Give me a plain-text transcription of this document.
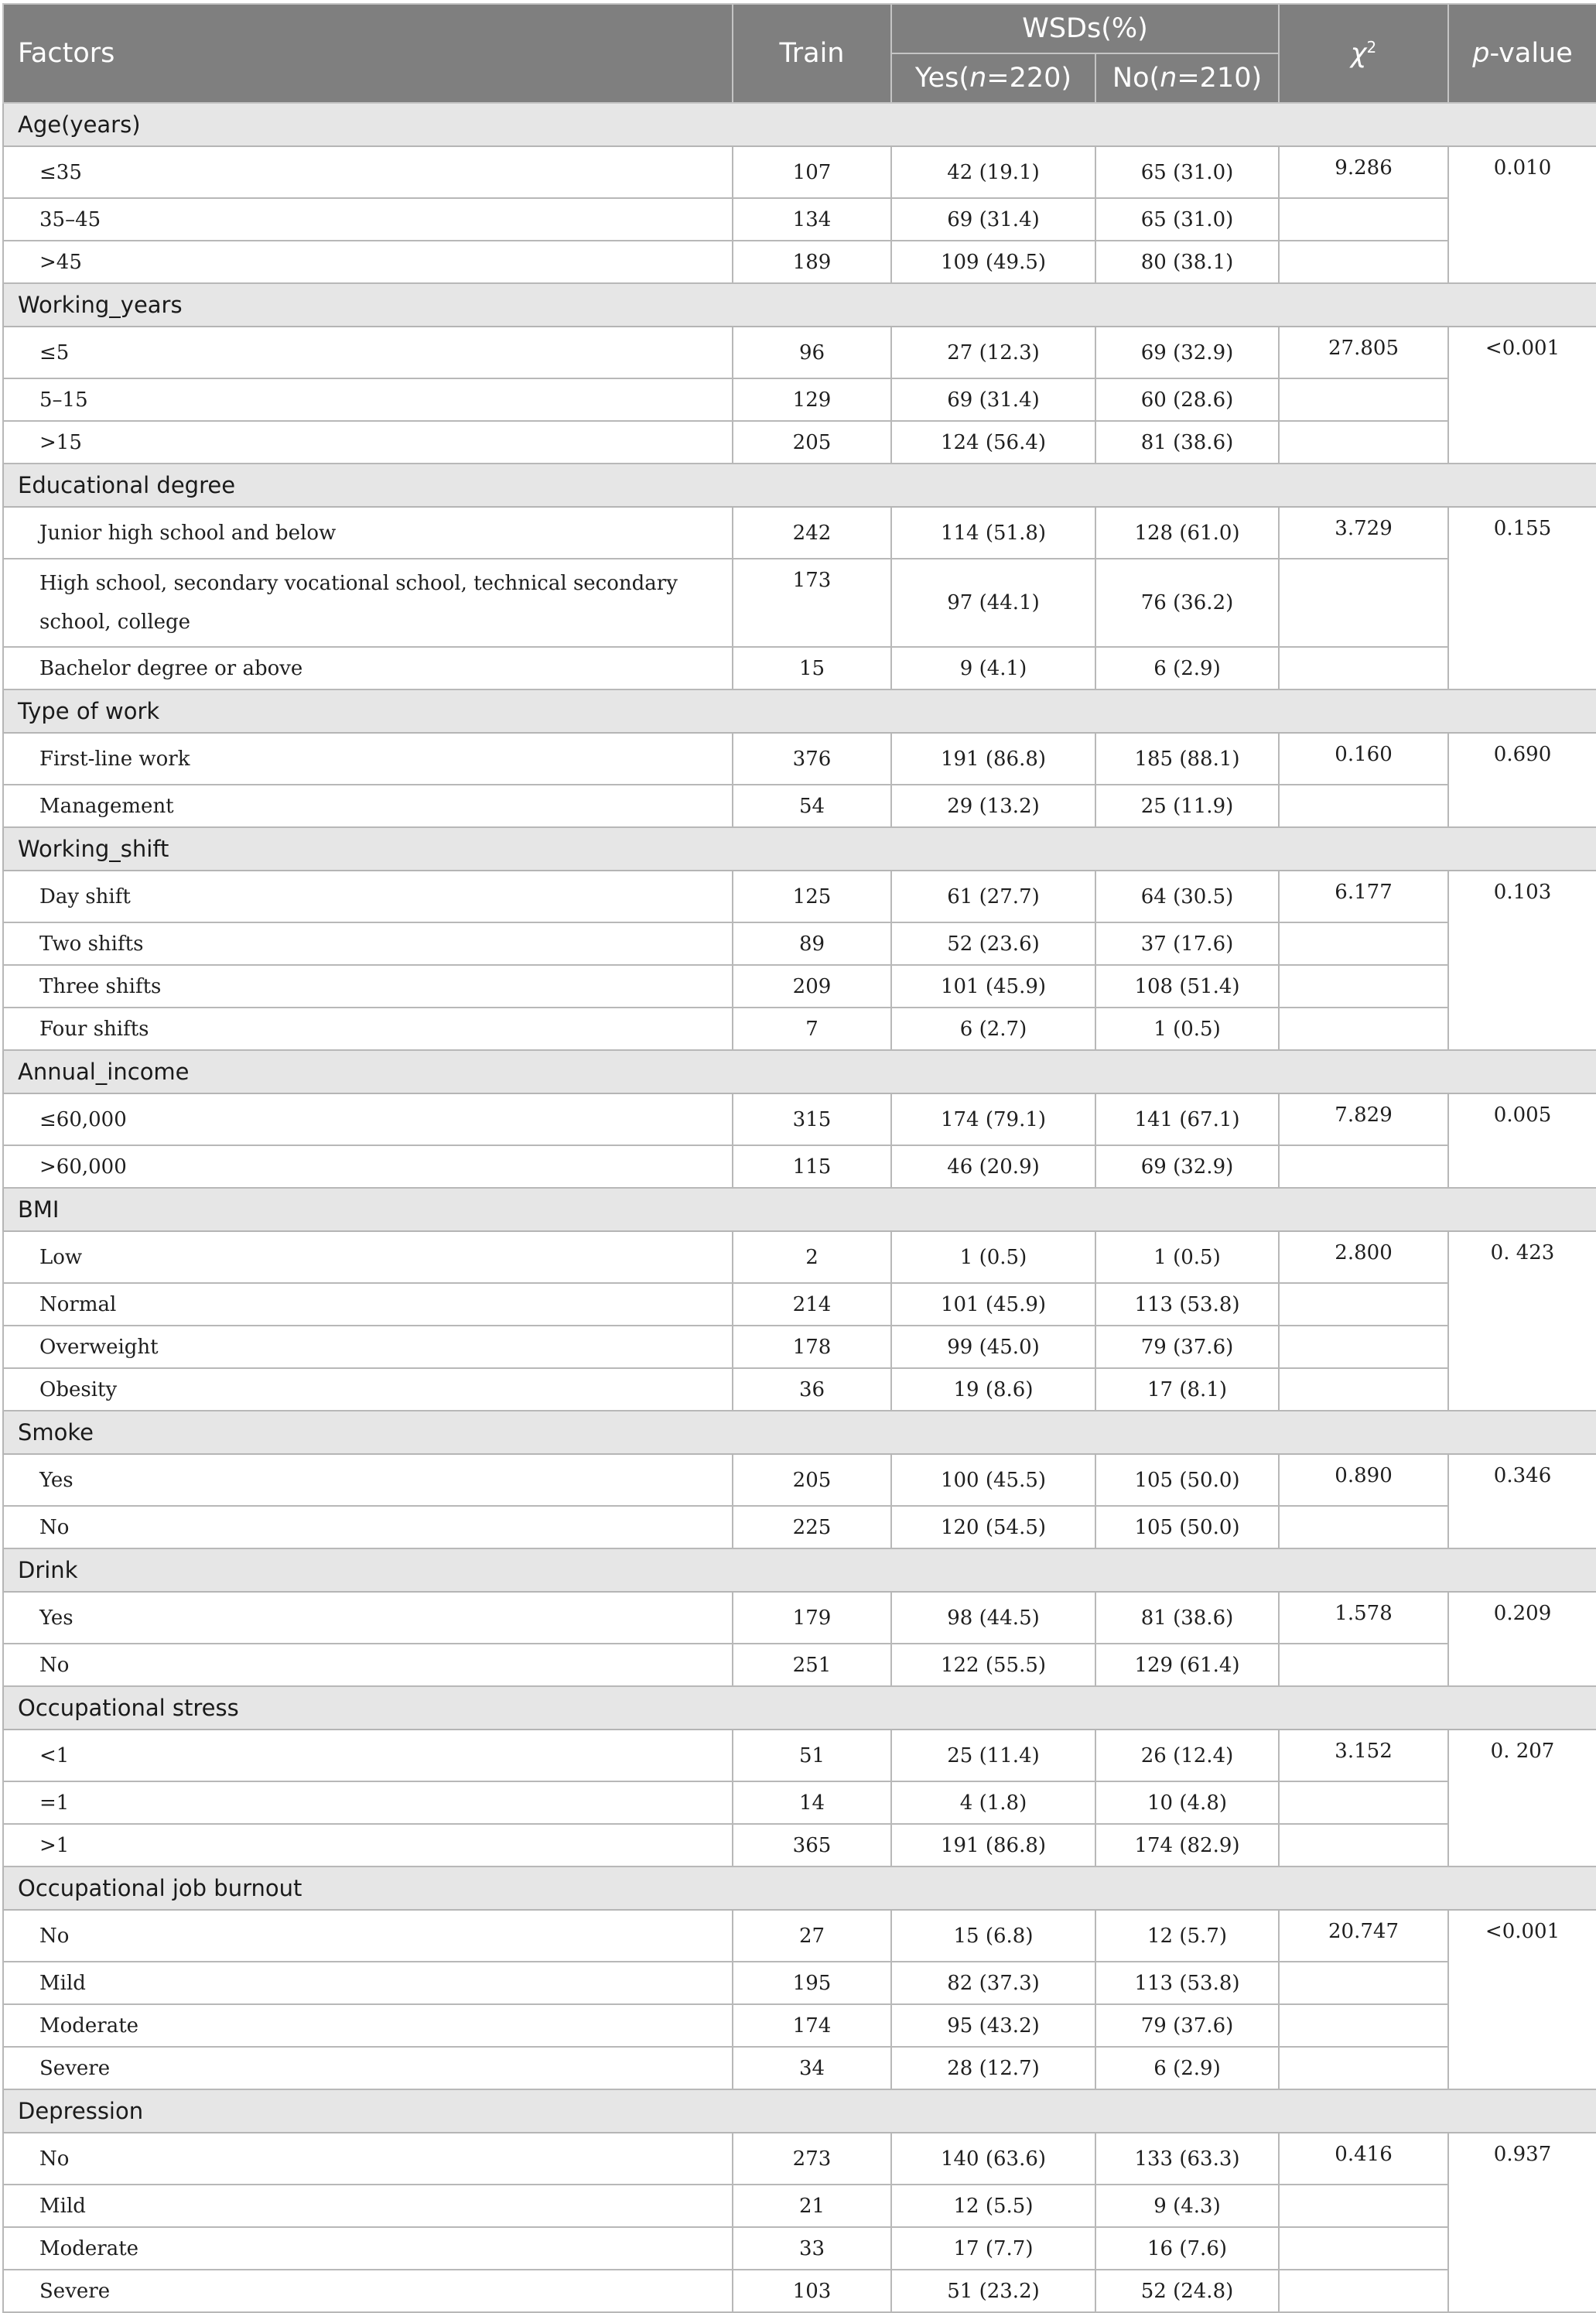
Factors	Train	WSDs(%)		$\chi^2$	p-value
		Yes(n=220)	No(n=210)		
Age(years)					
≤35	107	42 (19.1)	65 (31.0)	9.286	0.010
35–45	134	69 (31.4)	65 (31.0)		
>45	189	109 (49.5)	80 (38.1)		
Working_years					
≤5	96	27 (12.3)	69 (32.9)	27.805	<0.001
5–15	129	69 (31.4)	60 (28.6)		
>15	205	124 (56.4)	81 (38.6)		
Educational degree					
Junior high school and below	242	114 (51.8)	128 (61.0)	3.729	0.155
High school, secondary vocational school, technical secondary school, college	173	97 (44.1)	76 (36.2)		
Bachelor degree or above	15	9 (4.1)	6 (2.9)		
Type of work					
First-line work	376	191 (86.8)	185 (88.1)	0.160	0.690
Management	54	29 (13.2)	25 (11.9)		
Working_shift					
Day shift	125	61 (27.7)	64 (30.5)	6.177	0.103
Two shifts	89	52 (23.6)	37 (17.6)		
Three shifts	209	101 (45.9)	108 (51.4)		
Four shifts	7	6 (2.7)	1 (0.5)		
Annual_income					
≤60,000	315	174 (79.1)	141 (67.1)	7.829	0.005
>60,000	115	46 (20.9)	69 (32.9)		
BMI					
Low	2	1 (0.5)	1 (0.5)	2.800	0. 423
Normal	214	101 (45.9)	113 (53.8)		
Overweight	178	99 (45.0)	79 (37.6)		
Obesity	36	19 (8.6)	17 (8.1)		
Smoke					
Yes	205	100 (45.5)	105 (50.0)	0.890	0.346
No	225	120 (54.5)	105 (50.0)		
Drink					
Yes	179	98 (44.5)	81 (38.6)	1.578	0.209
No	251	122 (55.5)	129 (61.4)		
Occupational stress					
<1	51	25 (11.4)	26 (12.4)	3.152	0. 207
=1	14	4 (1.8)	10 (4.8)		
>1	365	191 (86.8)	174 (82.9)		
Occupational job burnout					
No	27	15 (6.8)	12 (5.7)	20.747	<0.001
Mild	195	82 (37.3)	113 (53.8)		
Moderate	174	95 (43.2)	79 (37.6)		
Severe	34	28 (12.7)	6 (2.9)		
Depression					
No	273	140 (63.6)	133 (63.3)	0.416	0.937
Mild	21	12 (5.5)	9 (4.3)		
Moderate	33	17 (7.7)	16 (7.6)		
Severe	103	51 (23.2)	52 (24.8)		
